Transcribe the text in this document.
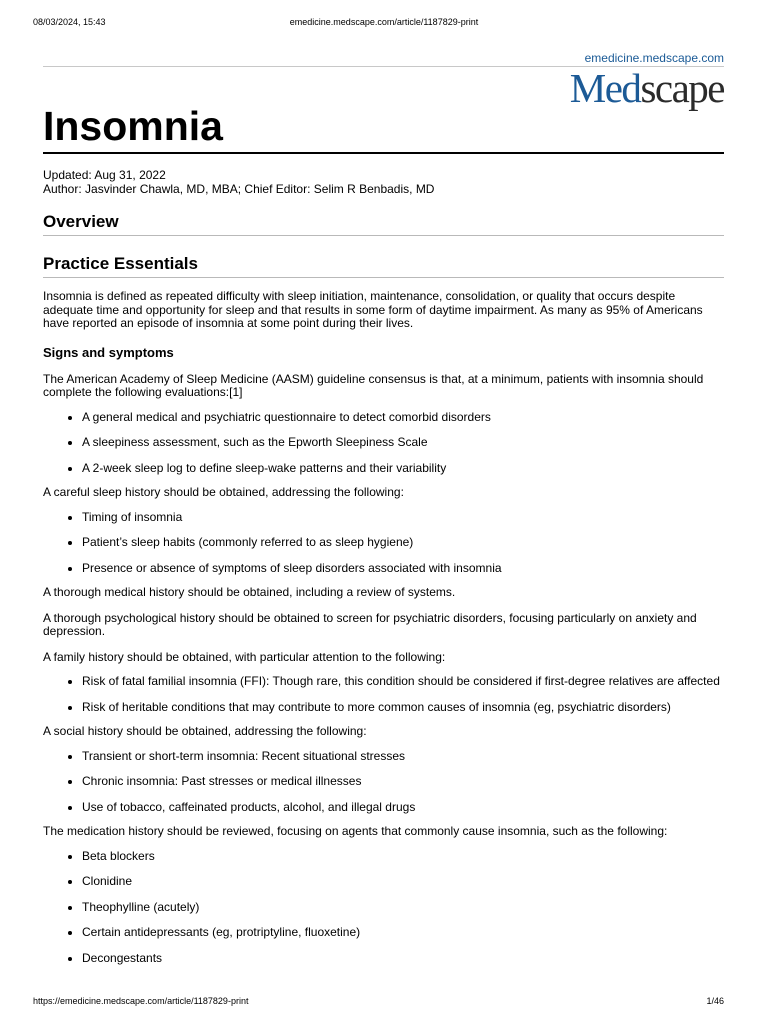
08/03/2024, 15:43	emedicine.medscape.com/article/1187829-print
emedicine.medscape.com
Medscape
Insomnia
Updated: Aug 31, 2022
Author: Jasvinder Chawla, MD, MBA; Chief Editor: Selim R Benbadis, MD
Overview
Practice Essentials

Insomnia is defined as repeated difficulty with sleep initiation, maintenance, consolidation, or quality that occurs despite adequate time and opportunity for sleep and that results in some form of daytime impairment. As many as 95% of Americans have reported an episode of insomnia at some point during their lives.

Signs and symptoms

The American Academy of Sleep Medicine (AASM) guideline consensus is that, at a minimum, patients with insomnia should complete the following evaluations:[1]

• A general medical and psychiatric questionnaire to detect comorbid disorders
• A sleepiness assessment, such as the Epworth Sleepiness Scale
• A 2-week sleep log to define sleep-wake patterns and their variability

A careful sleep history should be obtained, addressing the following:

• Timing of insomnia
• Patient’s sleep habits (commonly referred to as sleep hygiene)
• Presence or absence of symptoms of sleep disorders associated with insomnia

A thorough medical history should be obtained, including a review of systems.

A thorough psychological history should be obtained to screen for psychiatric disorders, focusing particularly on anxiety and depression.

A family history should be obtained, with particular attention to the following:

• Risk of fatal familial insomnia (FFI): Though rare, this condition should be considered if first-degree relatives are affected
• Risk of heritable conditions that may contribute to more common causes of insomnia (eg, psychiatric disorders)

A social history should be obtained, addressing the following:

• Transient or short-term insomnia: Recent situational stresses
• Chronic insomnia: Past stresses or medical illnesses
• Use of tobacco, caffeinated products, alcohol, and illegal drugs

The medication history should be reviewed, focusing on agents that commonly cause insomnia, such as the following:

• Beta blockers
• Clonidine
• Theophylline (acutely)
• Certain antidepressants (eg, protriptyline, fluoxetine)
• Decongestants
https://emedicine.medscape.com/article/1187829-print	1/46
